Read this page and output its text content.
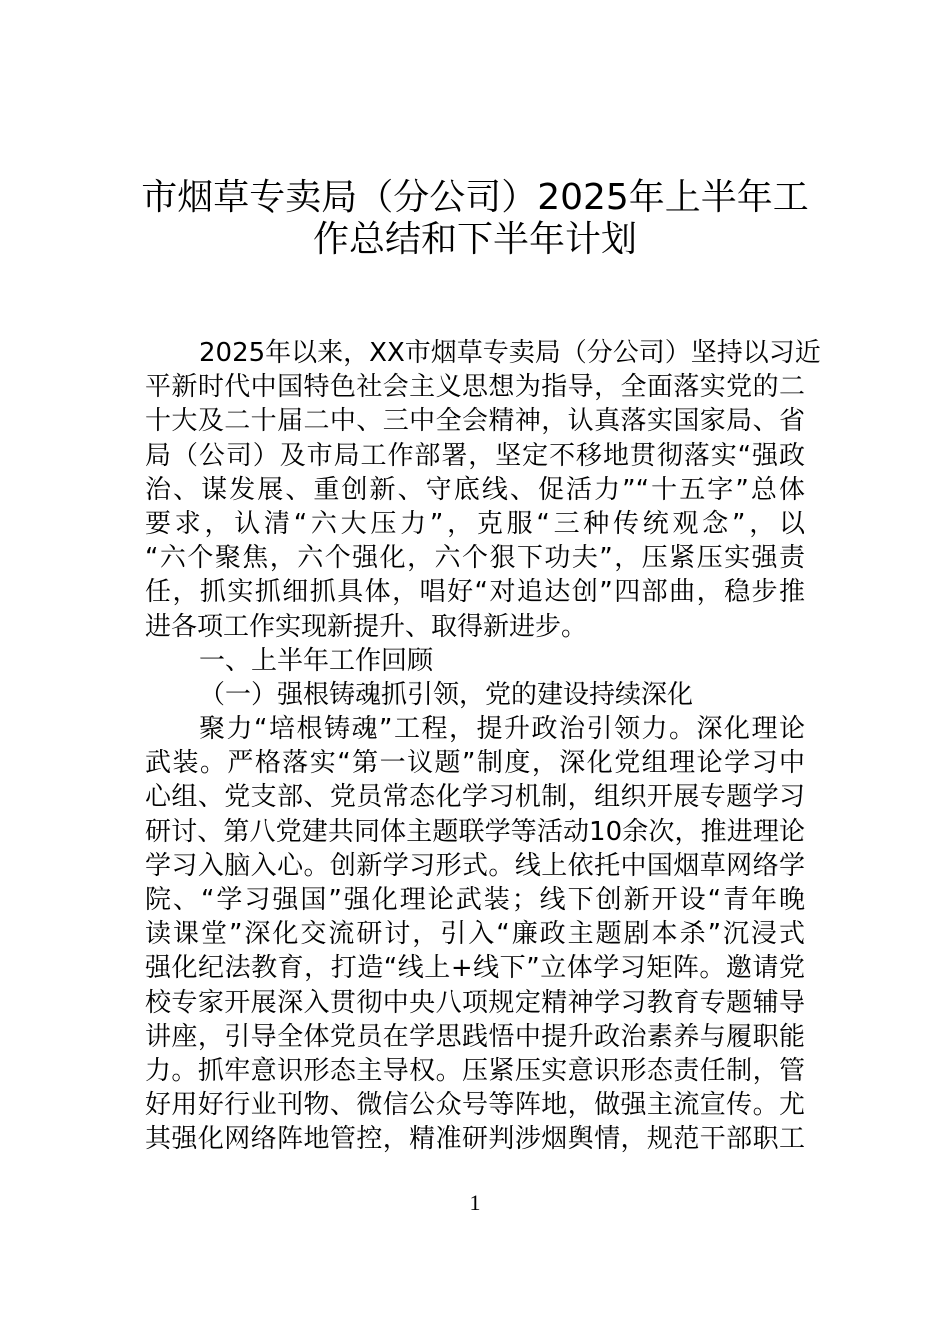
市烟草专卖局（分公司）2025年上半年工
作总结和下半年计划
2025年以来，XX市烟草专卖局（分公司）坚持以习近
平新时代中国特色社会主义思想为指导，全面落实党的二
十大及二十届二中、三中全会精神，认真落实国家局、省
局（公司）及市局工作部署，坚定不移地贯彻落实“强政
治、谋发展、重创新、守底线、促活力”“十五字”总体
要求，认清“六大压力”，克服“三种传统观念”，以
“六个聚焦，六个强化，六个狠下功夫”，压紧压实强责
任，抓实抓细抓具体，唱好“对追达创”四部曲，稳步推
进各项工作实现新提升、取得新进步。
一、上半年工作回顾
（一）强根铸魂抓引领，党的建设持续深化
聚力“培根铸魂”工程，提升政治引领力。深化理论
武装。严格落实“第一议题”制度，深化党组理论学习中
心组、党支部、党员常态化学习机制，组织开展专题学习
研讨、第八党建共同体主题联学等活动10余次，推进理论
学习入脑入心。创新学习形式。线上依托中国烟草网络学
院、“学习强国”强化理论武装；线下创新开设“青年晚
读课堂”深化交流研讨，引入“廉政主题剧本杀”沉浸式
强化纪法教育，打造“线上+线下”立体学习矩阵。邀请党
校专家开展深入贯彻中央八项规定精神学习教育专题辅导
讲座，引导全体党员在学思践悟中提升政治素养与履职能
力。抓牢意识形态主导权。压紧压实意识形态责任制，管
好用好行业刊物、微信公众号等阵地，做强主流宣传。尤
其强化网络阵地管控，精准研判涉烟舆情，规范干部职工
1
